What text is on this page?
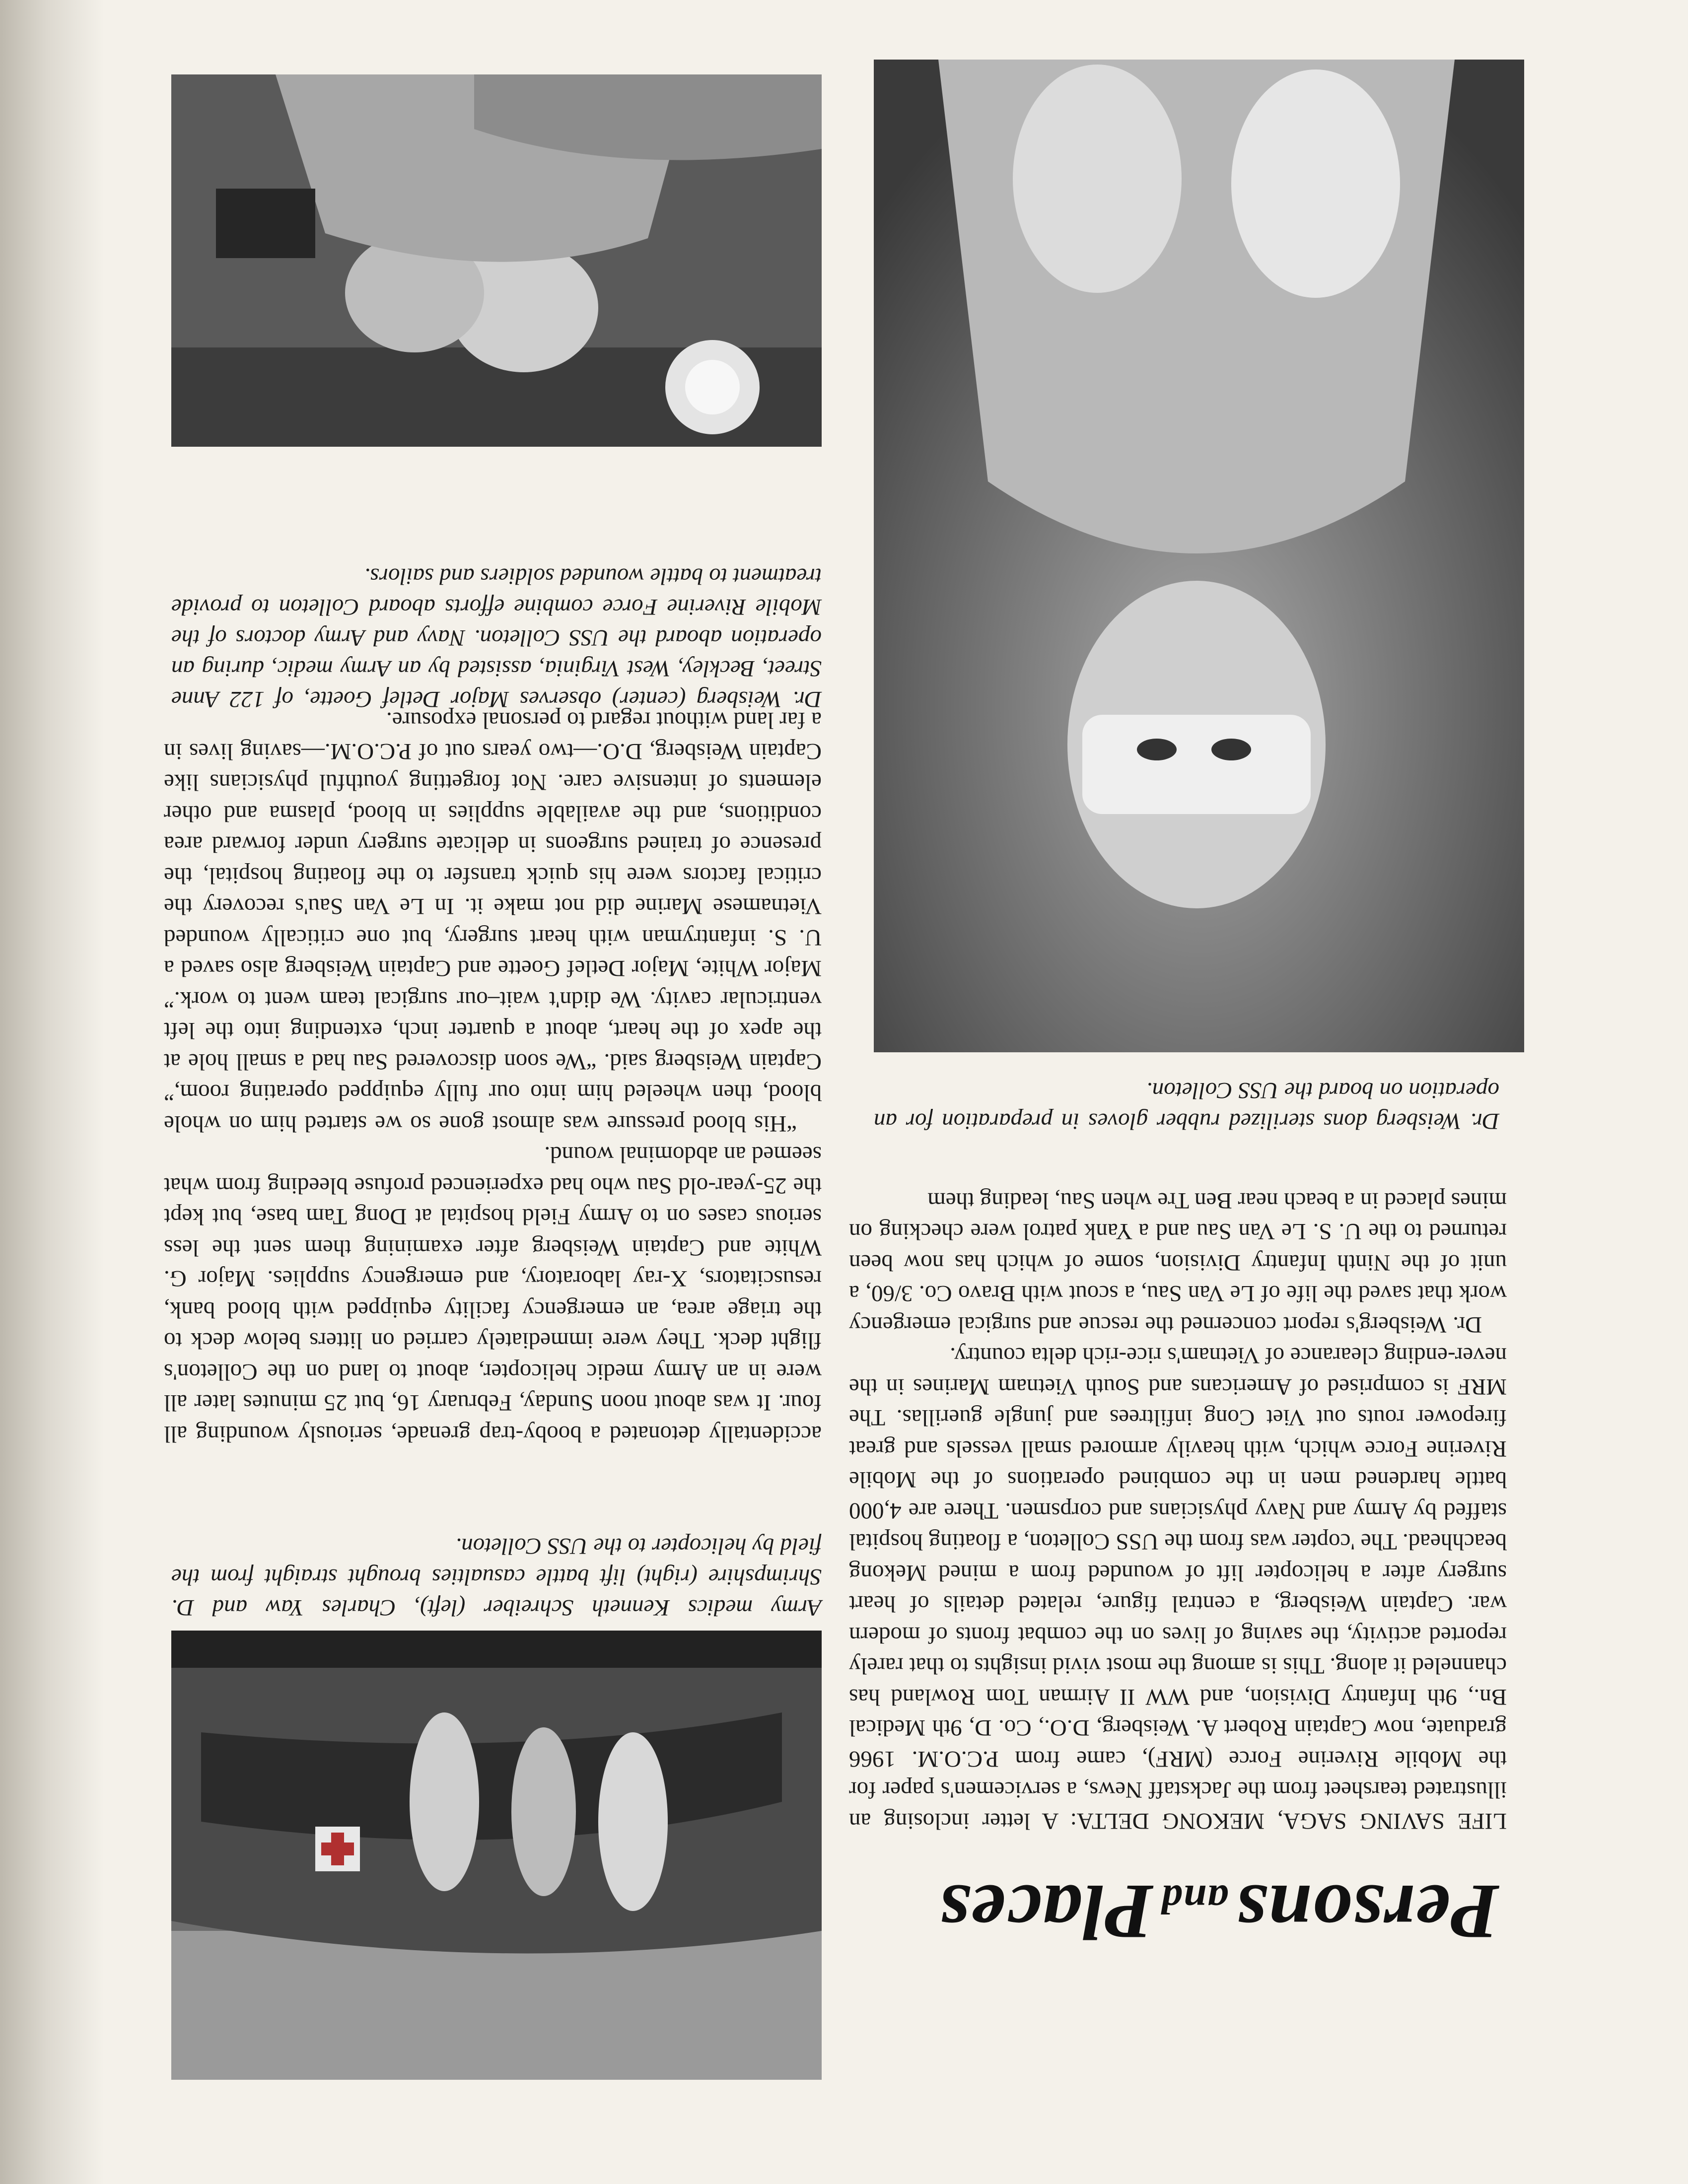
PersonsandPlaces

LIFE SAVING SAGA, MEKONG DELTA: A letter inclosing an illustrated tearsheet from the Jackstaff News, a servicemen's paper for the Mobile Riverine Force (MRF), came from P.C.O.M. 1966 graduate, now Captain Robert A. Weisberg, D.O., Co. D, 9th Medical Bn., 9th Infantry Division, and WW II Airman Tom Rowland has channeled it along. This is among the most vivid insights to that rarely reported activity, the saving of lives on the combat fronts of modern war. Captain Weisberg, a central figure, related details of heart surgery after a helicopter lift of wounded from a mined Mekong beachhead. The 'copter was from the USS Colleton, a floating hospital staffed by Army and Navy physicians and corpsmen. There are 4,000 battle hardened men in the combined operations of the Mobile Riverine Force which, with heavily armored small vessels and great firepower routs out Viet Cong infiltrees and jungle guerillas. The MRF is comprised of Americans and South Vietnam Marines in the never-ending clearance of Vietnam's rice-rich delta country.

Dr. Weisberg's report concerned the rescue and surgical emergency work that saved the life of Le Van Sau, a scout with Bravo Co. 3/60, a unit of the Ninth Infantry Division, some of which has now been returned to the U. S. Le Van Sau and a Yank patrol were checking on mines placed in a beach near Ben Tre when Sau, leading them

Army medics Kenneth Schreiber (left), Charles Yaw and D. Shrimpshire (right) lift battle casualties brought straight from the field by helicopter to the USS Colleton.

accidentally detonated a booby-trap grenade, seriously wounding all four. It was about noon Sunday, February 16, but 25 minutes later all were in an Army medic helicopter, about to land on the Colleton's flight deck. They were immediately carried on litters below deck to the triage area, an emergency facility equipped with blood bank, resuscitators, X-ray laboratory, and emergency supplies. Major G. White and Captain Weisberg after examining them sent the less serious cases on to Army Field hospital at Dong Tam base, but kept the 25-year-old Sau who had experienced profuse bleeding from what seemed an abdominal wound.

“His blood pressure was almost gone so we started him on whole blood, then wheeled him into our fully equipped operating room,” Captain Weisberg said. “We soon discovered Sau had a small hole at the apex of the heart, about a quarter inch, extending into the left ventricular cavity. We didn't wait–our surgical team went to work.” Major White, Major Detlef Goette and Captain Weisberg also saved a U. S. infantryman with heart surgery, but one critically wounded Vietnamese Marine did not make it. In Le Van Sau's recovery the critical factors were his quick transfer to the floating hospital, the presence of trained surgeons in delicate surgery under forward area conditions, and the available supplies in blood, plasma and other elements of intensive care. Not forgetting youthful physicians like Captain Weisberg, D.O.—two years out of P.C.O.M.—saving lives in a far land without regard to personal exposure.

Dr. Weisberg dons sterilized rubber gloves in preparation for an operation on board the USS Colleton.
Dr. Weisberg (center) observes Major Detlef Goette, of 122 Anne Street, Beckley, West Virginia, assisted by an Army medic, during an operation aboard the USS Colleton. Navy and Army doctors of the Mobile Riverine Force combine efforts aboard Colleton to provide treatment to battle wounded soldiers and sailors.
